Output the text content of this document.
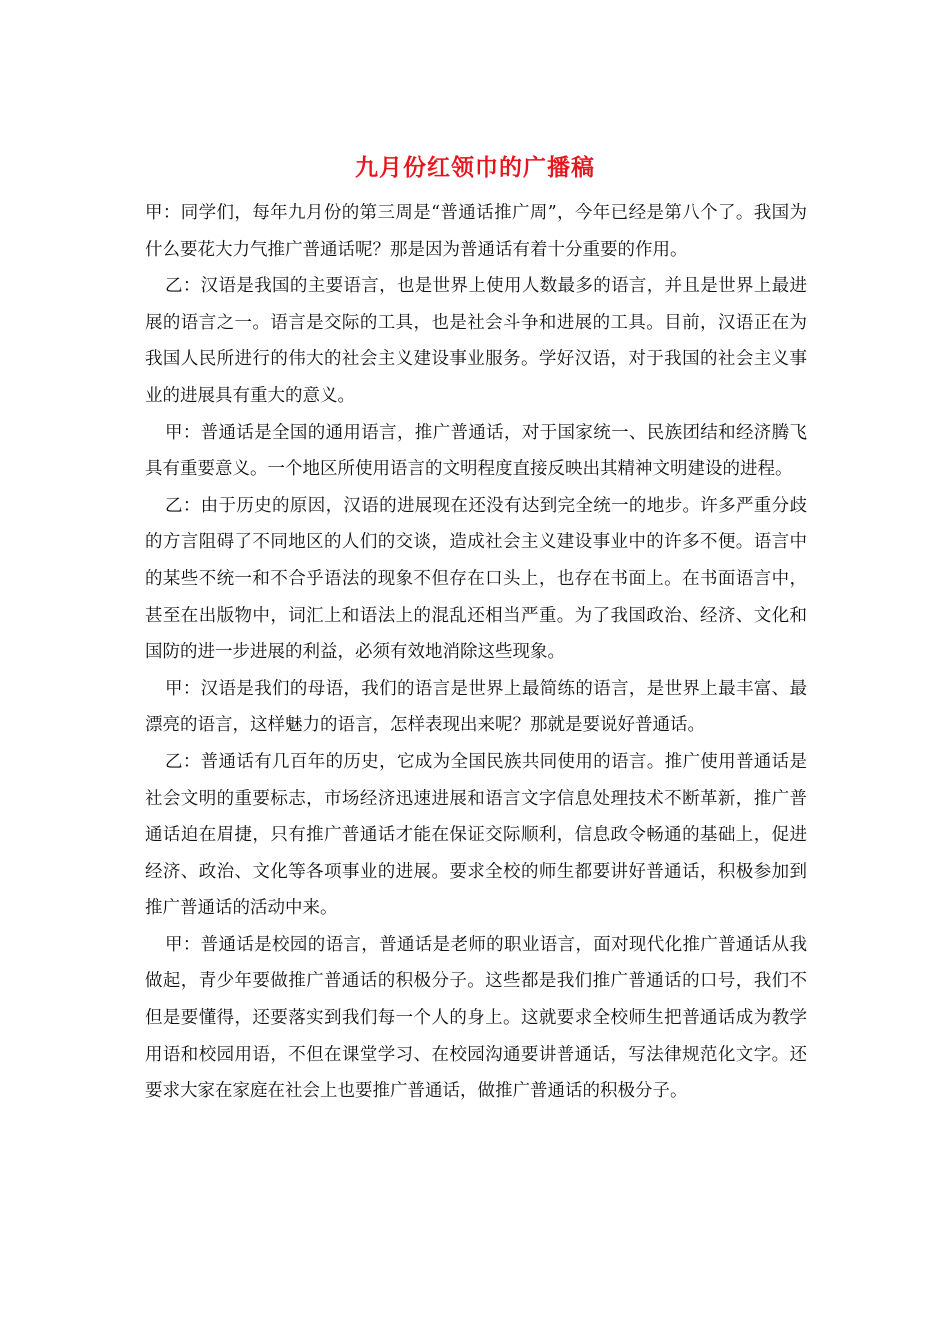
九月份红领巾的广播稿

甲：同学们，每年九月份的第三周是“普通话推广周”，今年已经是第八个了。我国为什么要花大力气推广普通话呢？那是因为普通话有着十分重要的作用。

乙：汉语是我国的主要语言，也是世界上使用人数最多的语言，并且是世界上最进展的语言之一。语言是交际的工具，也是社会斗争和进展的工具。目前，汉语正在为我国人民所进行的伟大的社会主义建设事业服务。学好汉语，对于我国的社会主义事业的进展具有重大的意义。

甲：普通话是全国的通用语言，推广普通话，对于国家统一、民族团结和经济腾飞具有重要意义。一个地区所使用语言的文明程度直接反映出其精神文明建设的进程。

乙：由于历史的原因，汉语的进展现在还没有达到完全统一的地步。许多严重分歧的方言阻碍了不同地区的人们的交谈，造成社会主义建设事业中的许多不便。语言中的某些不统一和不合乎语法的现象不但存在口头上，也存在书面上。在书面语言中，甚至在出版物中，词汇上和语法上的混乱还相当严重。为了我国政治、经济、文化和国防的进一步进展的利益，必须有效地消除这些现象。

甲：汉语是我们的母语，我们的语言是世界上最简练的语言，是世界上最丰富、最漂亮的语言，这样魅力的语言，怎样表现出来呢？那就是要说好普通话。

乙：普通话有几百年的历史，它成为全国民族共同使用的语言。推广使用普通话是社会文明的重要标志，市场经济迅速进展和语言文字信息处理技术不断革新，推广普通话迫在眉捷，只有推广普通话才能在保证交际顺利，信息政令畅通的基础上，促进经济、政治、文化等各项事业的进展。要求全校的师生都要讲好普通话，积极参加到推广普通话的活动中来。

甲：普通话是校园的语言，普通话是老师的职业语言，面对现代化推广普通话从我做起，青少年要做推广普通话的积极分子。这些都是我们推广普通话的口号，我们不但是要懂得，还要落实到我们每一个人的身上。这就要求全校师生把普通话成为教学用语和校园用语，不但在课堂学习、在校园沟通要讲普通话，写法律规范化文字。还要求大家在家庭在社会上也要推广普通话，做推广普通话的积极分子。
